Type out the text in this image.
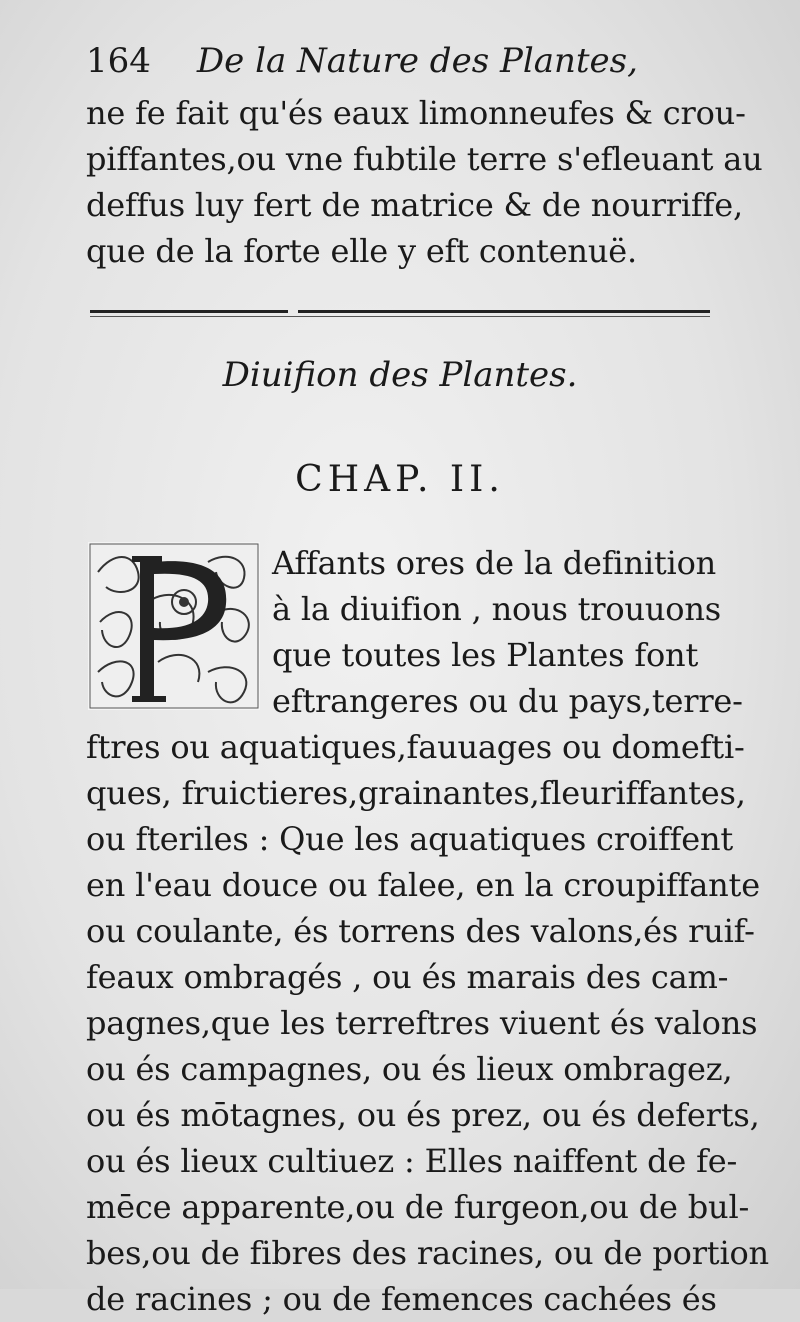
164 De la Nature des Plantes,
ne fe fait qu'és eaux limonneufes & crou-
piffantes,ou vne fubtile terre s'efleuant au
deffus luy fert de matrice & de nourriffe,
que de la forte elle y eft contenuë.
Diuifion des Plantes.
CHAP. II.
Affants ores de la definition
à la diuifion , nous trouuons
que toutes les Plantes font
eftrangeres ou du pays,terre-
ftres ou aquatiques,fauuages ou domefti-
ques, fruictieres,grainantes,fleuriffantes,
ou fteriles : Que les aquatiques croiffent
en l'eau douce ou falee, en la croupiffante
ou coulante, és torrens des valons,és ruif-
feaux ombragés , ou és marais des cam-
pagnes,que les terreftres viuent és valons
ou és campagnes, ou és lieux ombragez,
ou és mōtagnes, ou és prez, ou és deferts,
ou és lieux cultiuez : Elles naiffent de fe-
mēce apparente,ou de furgeon,ou de bul-
bes,ou de fibres des racines, ou de portion
de racines ; ou de femences cachées és
